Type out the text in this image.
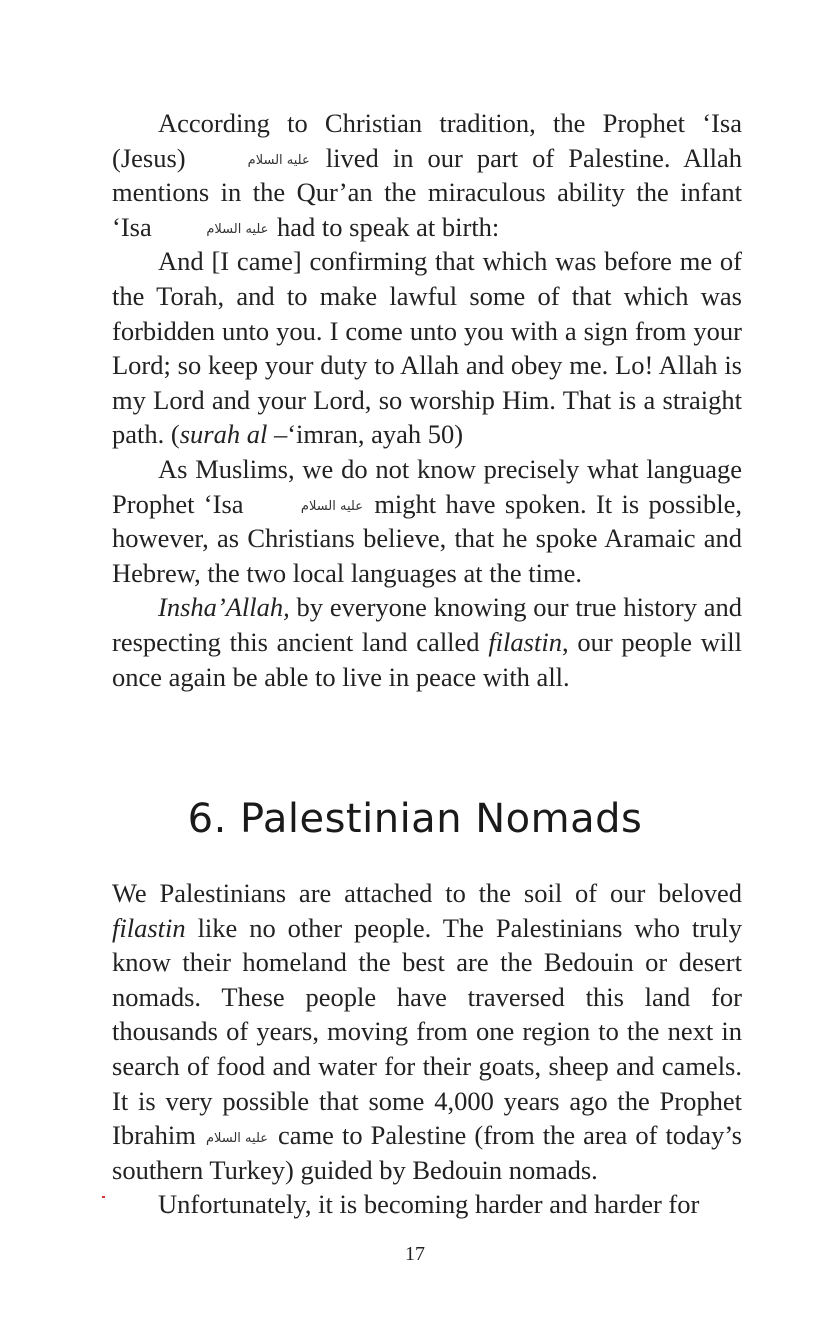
According to Christian tradition, the Prophet ‘Isa (Jesus)	عليه السلام lived in our part of Palestine. Allah mentions in the Qur’an the miraculous ability the infant ‘Isa	عليه السلام had to speak at birth:

And [I came] confirming that which was before me of the Torah, and to make lawful some of that which was forbidden unto you. I come unto you with a sign from your Lord; so keep your duty to Allah and obey me. Lo! Allah is my Lord and your Lord, so worship Him. That is a straight path. (surah al –‘imran, ayah 50)

As Muslims, we do not know precisely what language Prophet ‘Isa	عليه السلام might have spoken. It is possible, however, as Christians believe, that he spoke Aramaic and Hebrew, the two local languages at the time.

Insha’Allah, by everyone knowing our true history and respecting this ancient land called filastin, our people will once again be able to live in peace with all.

6. Palestinian Nomads

We Palestinians are attached to the soil of our beloved filastin like no other people. The Palestinians who truly know their homeland the best are the Bedouin or desert nomads. These people have traversed this land for thousands of years, moving from one region to the next in search of food and water for their goats, sheep and camels. It is very possible that some 4,000 years ago the Prophet Ibrahim عليه السلام came to Palestine (from the area of today’s southern Turkey) guided by Bedouin nomads.

Unfortunately, it is becoming harder and harder for

17
